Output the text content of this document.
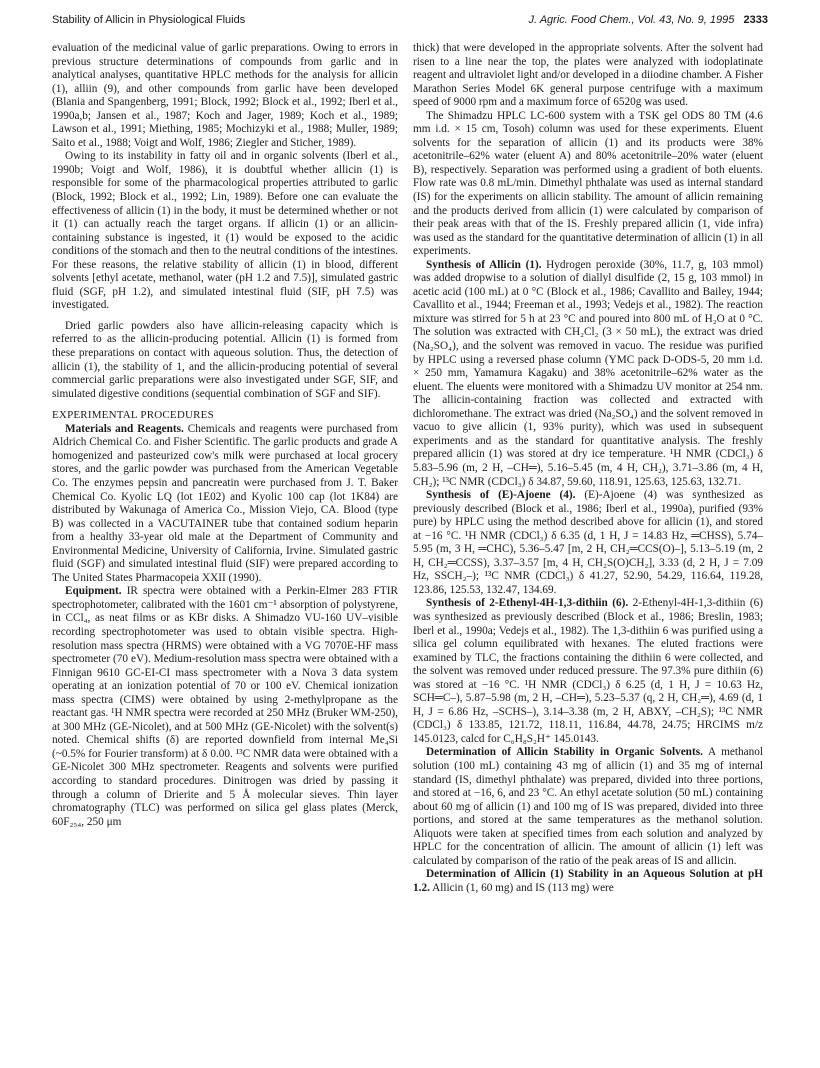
Stability of Allicin in Physiological Fluids	J. Agric. Food Chem., Vol. 43, No. 9, 1995 2333

evaluation of the medicinal value of garlic preparations. Owing to errors in previous structure determinations of compounds from garlic and in analytical analyses, quantitative HPLC methods for the analysis for allicin (1), alliin (9), and other compounds from garlic have been developed (Blania and Spangenberg, 1991; Block, 1992; Block et al., 1992; Iberl et al., 1990a,b; Jansen et al., 1987; Koch and Jager, 1989; Koch et al., 1989; Lawson et al., 1991; Miething, 1985; Mochizyki et al., 1988; Muller, 1989; Saito et al., 1988; Voigt and Wolf, 1986; Ziegler and Sticher, 1989).

Owing to its instability in fatty oil and in organic solvents (Iberl et al., 1990b; Voigt and Wolf, 1986), it is doubtful whether allicin (1) is responsible for some of the pharmacological properties attributed to garlic (Block, 1992; Block et al., 1992; Lin, 1989). Before one can evaluate the effectiveness of allicin (1) in the body, it must be determined whether or not it (1) can actually reach the target organs. If allicin (1) or an allicin-containing substance is ingested, it (1) would be exposed to the acidic conditions of the stomach and then to the neutral conditions of the intestines. For these reasons, the relative stability of allicin (1) in blood, different solvents [ethyl acetate, methanol, water (pH 1.2 and 7.5)], simulated gastric fluid (SGF, pH 1.2), and simulated intestinal fluid (SIF, pH 7.5) was investigated.

Dried garlic powders also have allicin-releasing capacity which is referred to as the allicin-producing potential. Allicin (1) is formed from these preparations on contact with aqueous solution. Thus, the detection of allicin (1), the stability of 1, and the allicin-producing potential of several commercial garlic preparations were also investigated under SGF, SIF, and simulated digestive conditions (sequential combination of SGF and SIF).

EXPERIMENTAL PROCEDURES

Materials and Reagents. Chemicals and reagents were purchased from Aldrich Chemical Co. and Fisher Scientific. The garlic products and grade A homogenized and pasteurized cow's milk were purchased at local grocery stores, and the garlic powder was purchased from the American Vegetable Co. The enzymes pepsin and pancreatin were purchased from J. T. Baker Chemical Co. Kyolic LQ (lot 1E02) and Kyolic 100 cap (lot 1K84) are distributed by Wakunaga of America Co., Mission Viejo, CA. Blood (type B) was collected in a VACUTAINER tube that contained sodium heparin from a healthy 33-year old male at the Department of Community and Environmental Medicine, University of California, Irvine. Simulated gastric fluid (SGF) and simulated intestinal fluid (SIF) were prepared according to The United States Pharmacopeia XXII (1990).

Equipment. IR spectra were obtained with a Perkin-Elmer 283 FTIR spectrophotometer, calibrated with the 1601 cm⁻¹ absorption of polystyrene, in CCl₄, as neat films or as KBr disks. A Shimadzo VU-160 UV–visible recording spectrophotometer was used to obtain visible spectra. High-resolution mass spectra (HRMS) were obtained with a VG 7070E-HF mass spectrometer (70 eV). Medium-resolution mass spectra were obtained with a Finnigan 9610 GC-EI-CI mass spectrometer with a Nova 3 data system operating at an ionization potential of 70 or 100 eV. Chemical ionization mass spectra (CIMS) were obtained by using 2-methylpropane as the reactant gas. ¹H NMR spectra were recorded at 250 MHz (Bruker WM-250), at 300 MHz (GE-Nicolet), and at 500 MHz (GE-Nicolet) with the solvent(s) noted. Chemical shifts (δ) are reported downfield from internal Me₄Si (~0.5% for Fourier transform) at δ 0.00. ¹³C NMR data were obtained with a GE-Nicolet 300 MHz spectrometer. Reagents and solvents were purified according to standard procedures. Dinitrogen was dried by passing it through a column of Drierite and 5 Å molecular sieves. Thin layer chromatography (TLC) was performed on silica gel glass plates (Merck, 60F₂₅₄, 250 μm

thick) that were developed in the appropriate solvents. After the solvent had risen to a line near the top, the plates were analyzed with iodoplatinate reagent and ultraviolet light and/or developed in a diiodine chamber. A Fisher Marathon Series Model 6K general purpose centrifuge with a maximum speed of 9000 rpm and a maximum force of 6520g was used.

The Shimadzu HPLC LC-600 system with a TSK gel ODS 80 TM (4.6 mm i.d. × 15 cm, Tosoh) column was used for these experiments. Eluent solvents for the separation of allicin (1) and its products were 38% acetonitrile–62% water (eluent A) and 80% acetonitrile–20% water (eluent B), respectively. Separation was performed using a gradient of both eluents. Flow rate was 0.8 mL/min. Dimethyl phthalate was used as internal standard (IS) for the experiments on allicin stability. The amount of allicin remaining and the products derived from allicin (1) were calculated by comparison of their peak areas with that of the IS. Freshly prepared allicin (1, vide infra) was used as the standard for the quantitative determination of allicin (1) in all experiments.

Synthesis of Allicin (1). Hydrogen peroxide (30%, 11.7, g, 103 mmol) was added dropwise to a solution of diallyl disulfide (2, 15 g, 103 mmol) in acetic acid (100 mL) at 0 °C (Block et al., 1986; Cavallito and Bailey, 1944; Cavallito et al., 1944; Freeman et al., 1993; Vedejs et al., 1982). The reaction mixture was stirred for 5 h at 23 °C and poured into 800 mL of H₂O at 0 °C. The solution was extracted with CH₂Cl₂ (3 × 50 mL), the extract was dried (Na₂SO₄), and the solvent was removed in vacuo. The residue was purified by HPLC using a reversed phase column (YMC pack D-ODS-5, 20 mm i.d. × 250 mm, Yamamura Kagaku) and 38% acetonitrile–62% water as the eluent. The eluents were monitored with a Shimadzu UV monitor at 254 nm. The allicin-containing fraction was collected and extracted with dichloromethane. The extract was dried (Na₂SO₄) and the solvent removed in vacuo to give allicin (1, 93% purity), which was used in subsequent experiments and as the standard for quantitative analysis. The freshly prepared allicin (1) was stored at dry ice temperature. ¹H NMR (CDCl₃) δ 5.83–5.96 (m, 2 H, –CH═), 5.16–5.45 (m, 4 H, CH₂), 3.71–3.86 (m, 4 H, CH₂); ¹³C NMR (CDCl₃) δ 34.87, 59.60, 118.91, 125.63, 125.63, 132.71.

Synthesis of (E)-Ajoene (4). (E)-Ajoene (4) was synthesized as previously described (Block et al., 1986; Iberl et al., 1990a), purified (93% pure) by HPLC using the method described above for allicin (1), and stored at −16 °C. ¹H NMR (CDCl₃) δ 6.35 (d, 1 H, J = 14.83 Hz, ═CHSS), 5.74–5.95 (m, 3 H, ═CHC), 5.36–5.47 [m, 2 H, CH₂═CCS(O)–], 5.13–5.19 (m, 2 H, CH₂═CCSS), 3.37–3.57 [m, 4 H, CH₂S(O)CH₂], 3.33 (d, 2 H, J = 7.09 Hz, SSCH₂–); ¹³C NMR (CDCl₃) δ 41.27, 52.90, 54.29, 116.64, 119.28, 123.86, 125.53, 132.47, 134.69.

Synthesis of 2-Ethenyl-4H-1,3-dithiin (6). 2-Ethenyl-4H-1,3-dithiin (6) was synthesized as previously described (Block et al., 1986; Breslin, 1983; Iberl et al., 1990a; Vedejs et al., 1982). The 1,3-dithiin 6 was purified using a silica gel column equilibrated with hexanes. The eluted fractions were examined by TLC, the fractions containing the dithiin 6 were collected, and the solvent was removed under reduced pressure. The 97.3% pure dithiin (6) was stored at −16 °C. ¹H NMR (CDCl₃) δ 6.25 (d, 1 H, J = 10.63 Hz, SCH═C–), 5.87–5.98 (m, 2 H, –CH═), 5.23–5.37 (q, 2 H, CH₂═), 4.69 (d, 1 H, J = 6.86 Hz, –SCHS–), 3.14–3.38 (m, 2 H, ABXY, –CH₂S); ¹³C NMR (CDCl₃) δ 133.85, 121.72, 118.11, 116.84, 44.78, 24.75; HRCIMS m/z 145.0123, calcd for C₆H₈S₂H⁺ 145.0143.

Determination of Allicin Stability in Organic Solvents. A methanol solution (100 mL) containing 43 mg of allicin (1) and 35 mg of internal standard (IS, dimethyl phthalate) was prepared, divided into three portions, and stored at −16, 6, and 23 °C. An ethyl acetate solution (50 mL) containing about 60 mg of allicin (1) and 100 mg of IS was prepared, divided into three portions, and stored at the same temperatures as the methanol solution. Aliquots were taken at specified times from each solution and analyzed by HPLC for the concentration of allicin. The amount of allicin (1) left was calculated by comparison of the ratio of the peak areas of IS and allicin.

Determination of Allicin (1) Stability in an Aqueous Solution at pH 1.2. Allicin (1, 60 mg) and IS (113 mg) were
